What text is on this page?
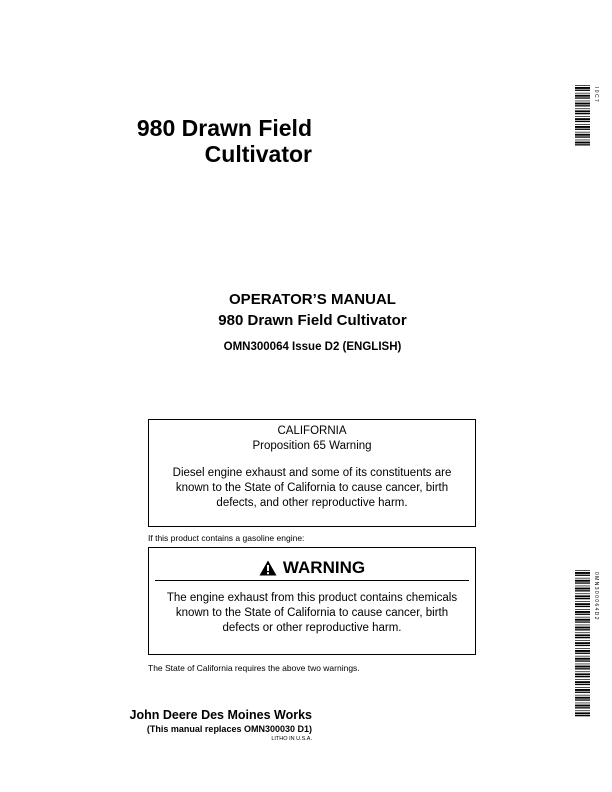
980 Drawn Field
Cultivator
OPERATOR’S MANUAL
980 Drawn Field Cultivator
OMN300064 Issue D2 (ENGLISH)
CALIFORNIA
Proposition 65 Warning
Diesel engine exhaust and some of its constituents are
known to the State of California to cause cancer, birth
defects, and other reproductive harm.
If this product contains a gasoline engine:
WARNING
The engine exhaust from this product contains chemicals
known to the State of California to cause cancer, birth
defects or other reproductive harm.
The State of California requires the above two warnings.
John Deere Des Moines Works
(This manual replaces OMN300030 D1)
LITHO IN U.S.A.
I 0 C 7
0 M N 3 0 0 0 6 4 D 2
